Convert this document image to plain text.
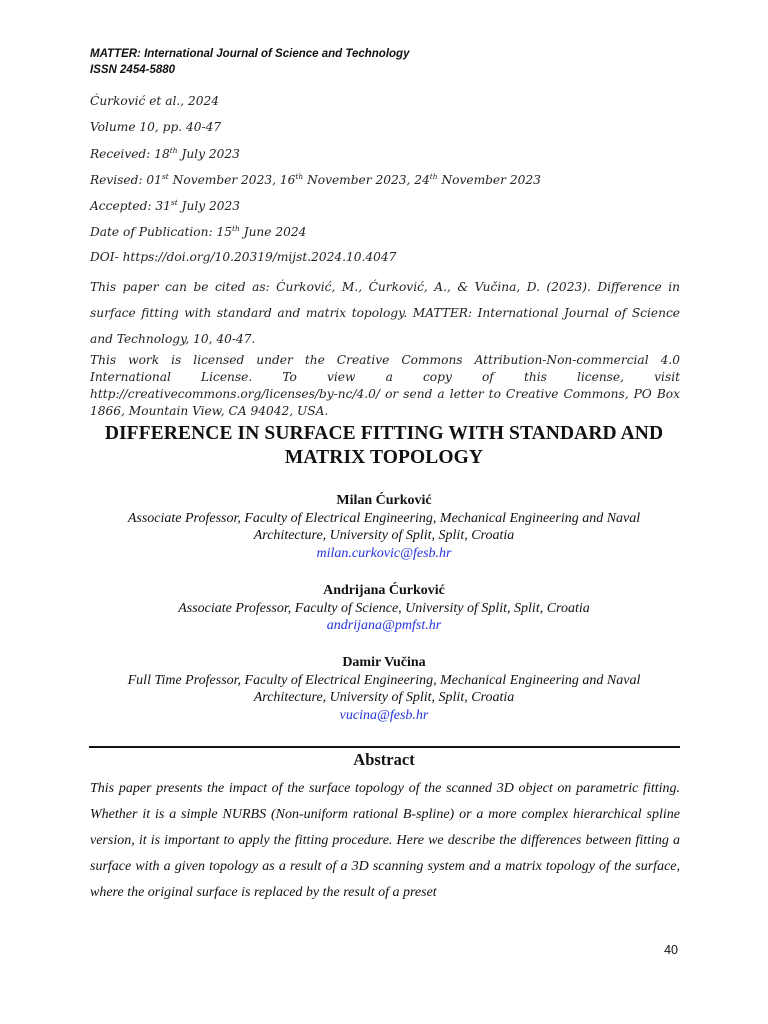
MATTER: International Journal of Science and Technology
ISSN 2454-5880
Ćurković et al., 2024
Volume 10, pp. 40-47
Received: 18th July 2023
Revised: 01st November 2023, 16th November 2023, 24th November 2023
Accepted: 31st July 2023
Date of Publication: 15th June 2024
DOI- https://doi.org/10.20319/mijst.2024.10.4047
This paper can be cited as: Ćurković, M., Ćurković, A., & Vučina, D. (2023). Difference in surface fitting with standard and matrix topology. MATTER: International Journal of Science and Technology, 10, 40-47.
This work is licensed under the Creative Commons Attribution-Non-commercial 4.0 International License. To view a copy of this license, visit http://creativecommons.org/licenses/by-nc/4.0/ or send a letter to Creative Commons, PO Box 1866, Mountain View, CA 94042, USA.
DIFFERENCE IN SURFACE FITTING WITH STANDARD AND
MATRIX TOPOLOGY
Milan Ćurković
Associate Professor, Faculty of Electrical Engineering, Mechanical Engineering and Naval
Architecture, University of Split, Split, Croatia
milan.curkovic@fesb.hr
Andrijana Ćurković
Associate Professor, Faculty of Science, University of Split, Split, Croatia
andrijana@pmfst.hr
Damir Vučina
Full Time Professor, Faculty of Electrical Engineering, Mechanical Engineering and Naval
Architecture, University of Split, Split, Croatia
vucina@fesb.hr
Abstract
This paper presents the impact of the surface topology of the scanned 3D object on parametric fitting. Whether it is a simple NURBS (Non-uniform rational B-spline) or a more complex hierarchical spline version, it is important to apply the fitting procedure. Here we describe the differences between fitting a surface with a given topology as a result of a 3D scanning system and a matrix topology of the surface, where the original surface is replaced by the result of a preset
40
